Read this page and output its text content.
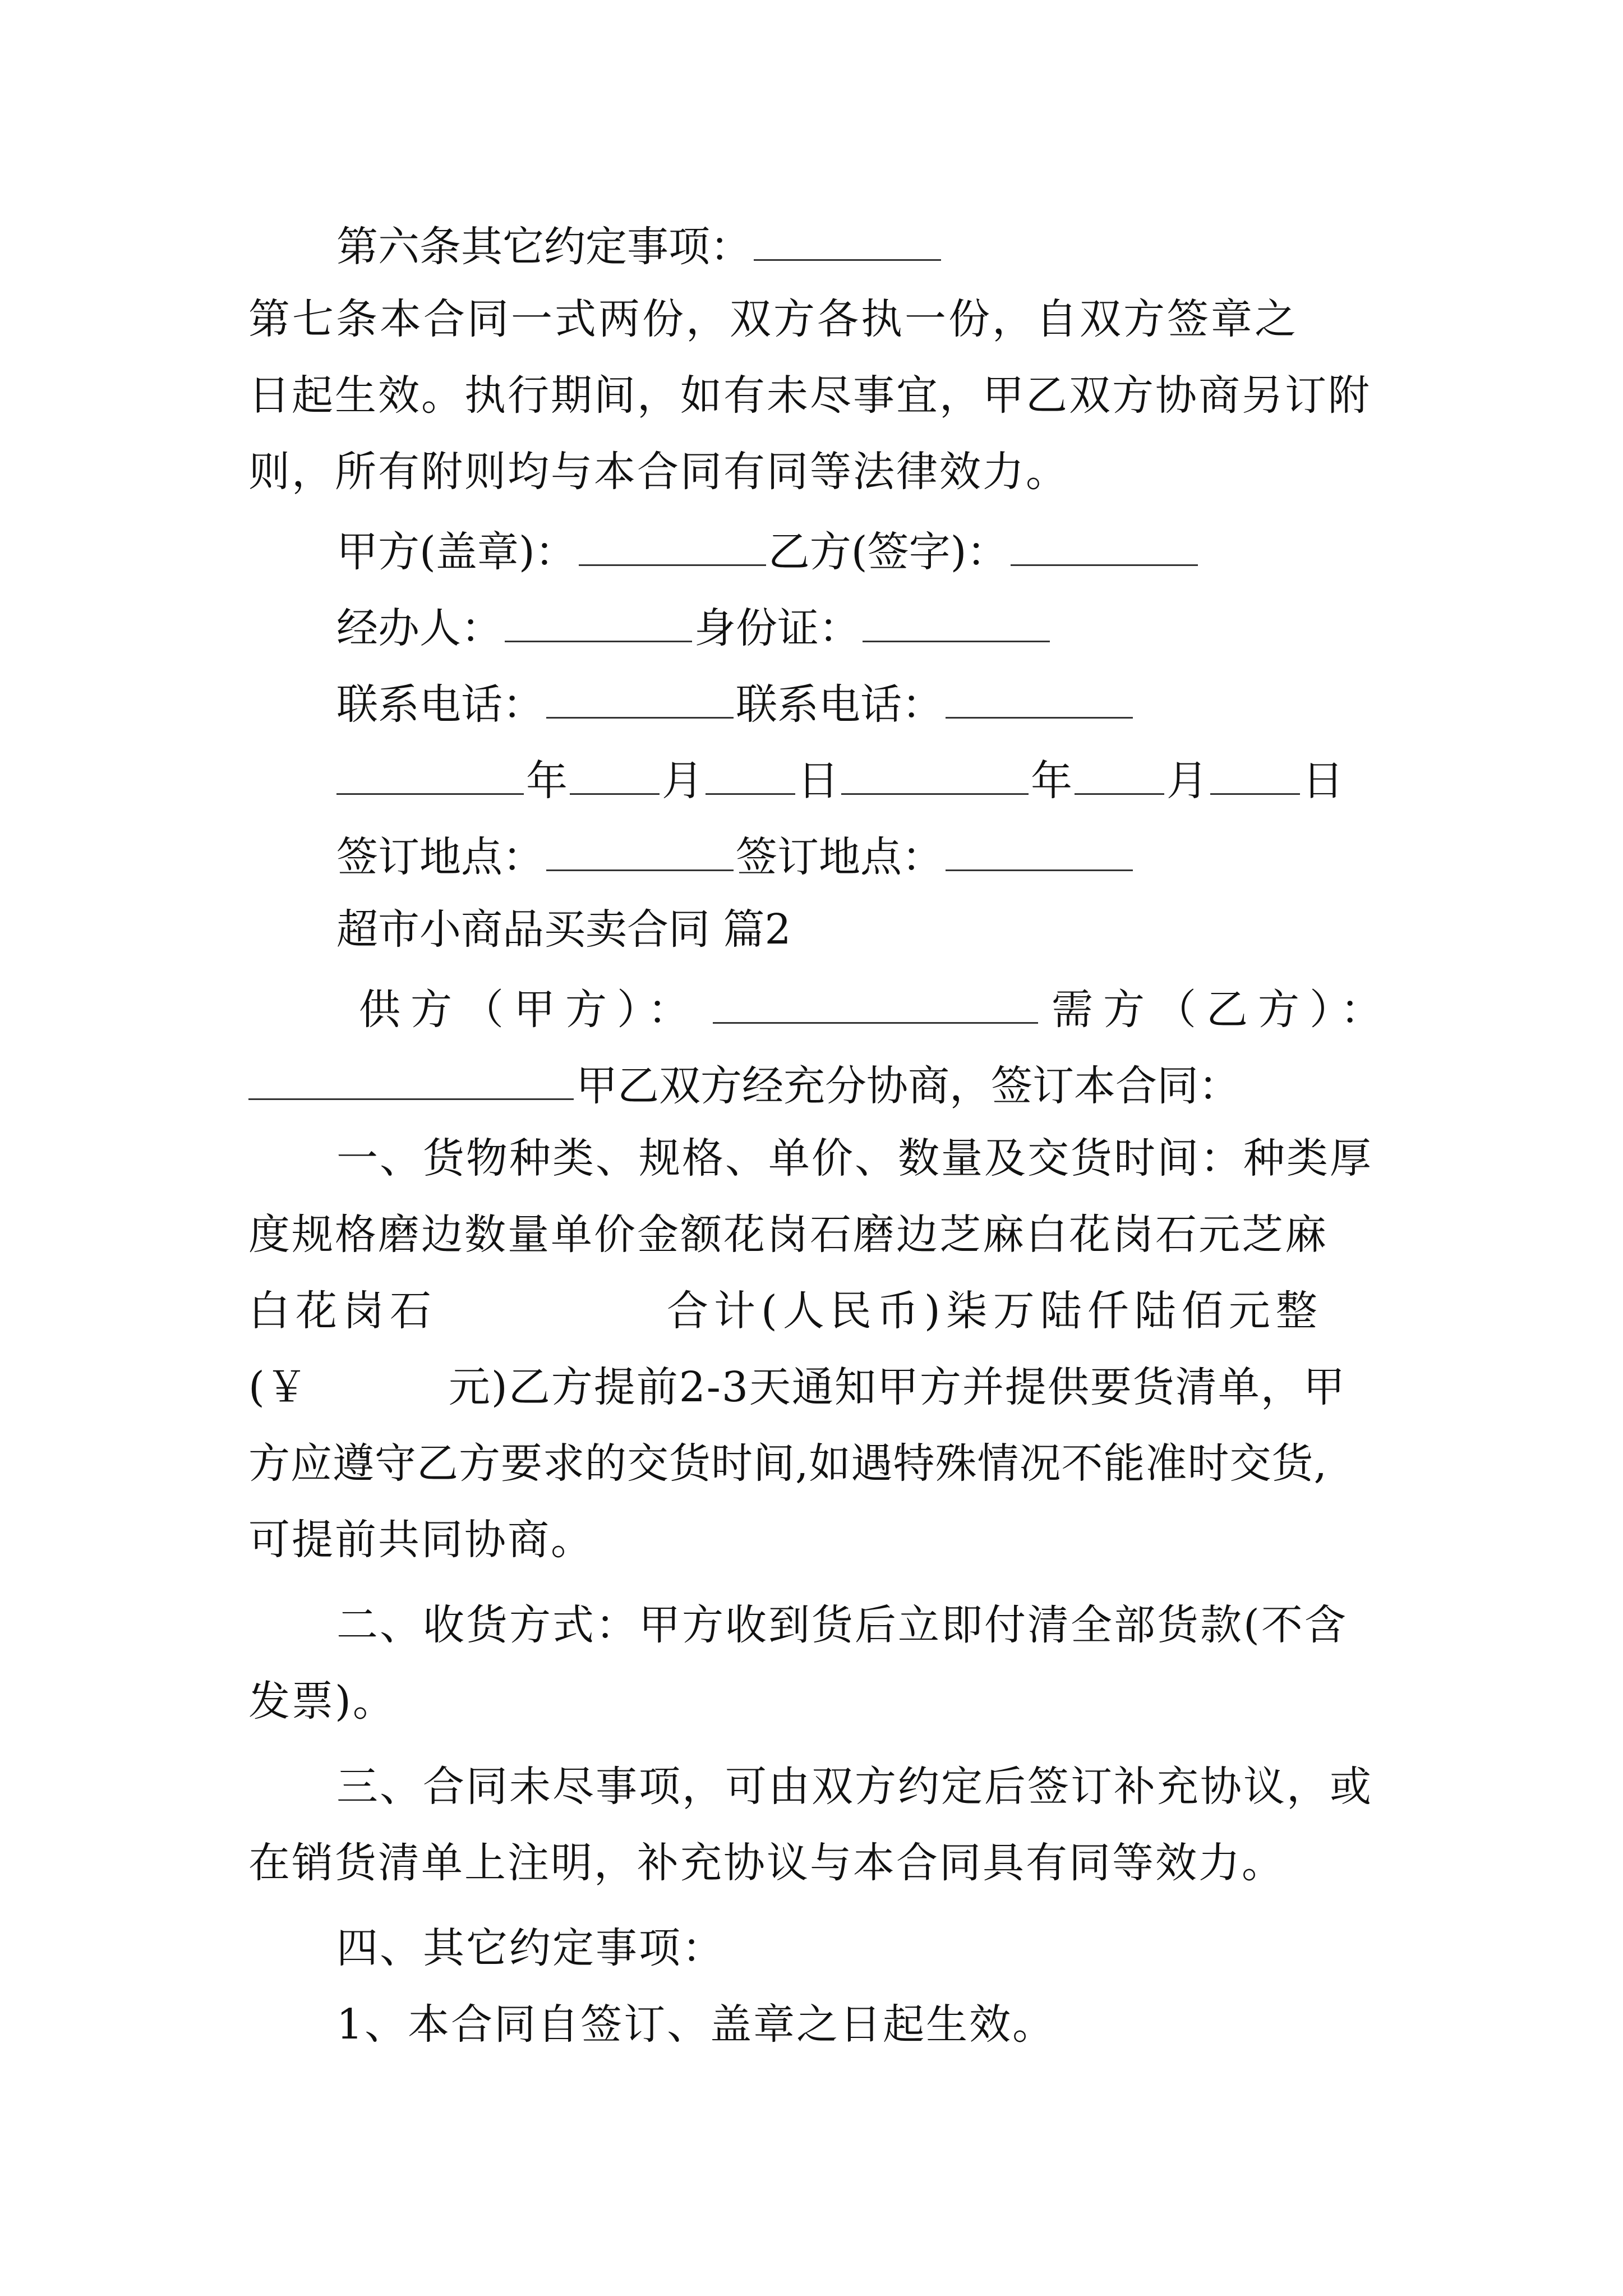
第六条其它约定事项：
第七条本合同一式两份，双方各执一份，自双方签章之
日起生效。执行期间，如有未尽事宜，甲乙双方协商另订附
则，所有附则均与本合同有同等法律效力。
甲方(盖章)：	乙方(签字)：
经办人：	身份证：
联系电话：	联系电话：
年 月 日	年 月 日
签订地点：	签订地点：
超市小商品买卖合同 篇2
供方（甲方）：	需方（乙方）：
甲乙双方经充分协商，签订本合同：
一、货物种类、规格、单价、数量及交货时间：种类厚
度规格磨边数量单价金额花岗石磨边芝麻白花岗石元芝麻
白花岗石	合计(人民币)柒万陆仟陆佰元整
(￥	元)乙方提前2-3天通知甲方并提供要货清单，甲
方应遵守乙方要求的交货时间,如遇特殊情况不能准时交货,
可提前共同协商。
二、收货方式：甲方收到货后立即付清全部货款(不含
发票)。
三、合同未尽事项，可由双方约定后签订补充协议，或
在销货清单上注明，补充协议与本合同具有同等效力。
四、其它约定事项：
1、本合同自签订、盖章之日起生效。
